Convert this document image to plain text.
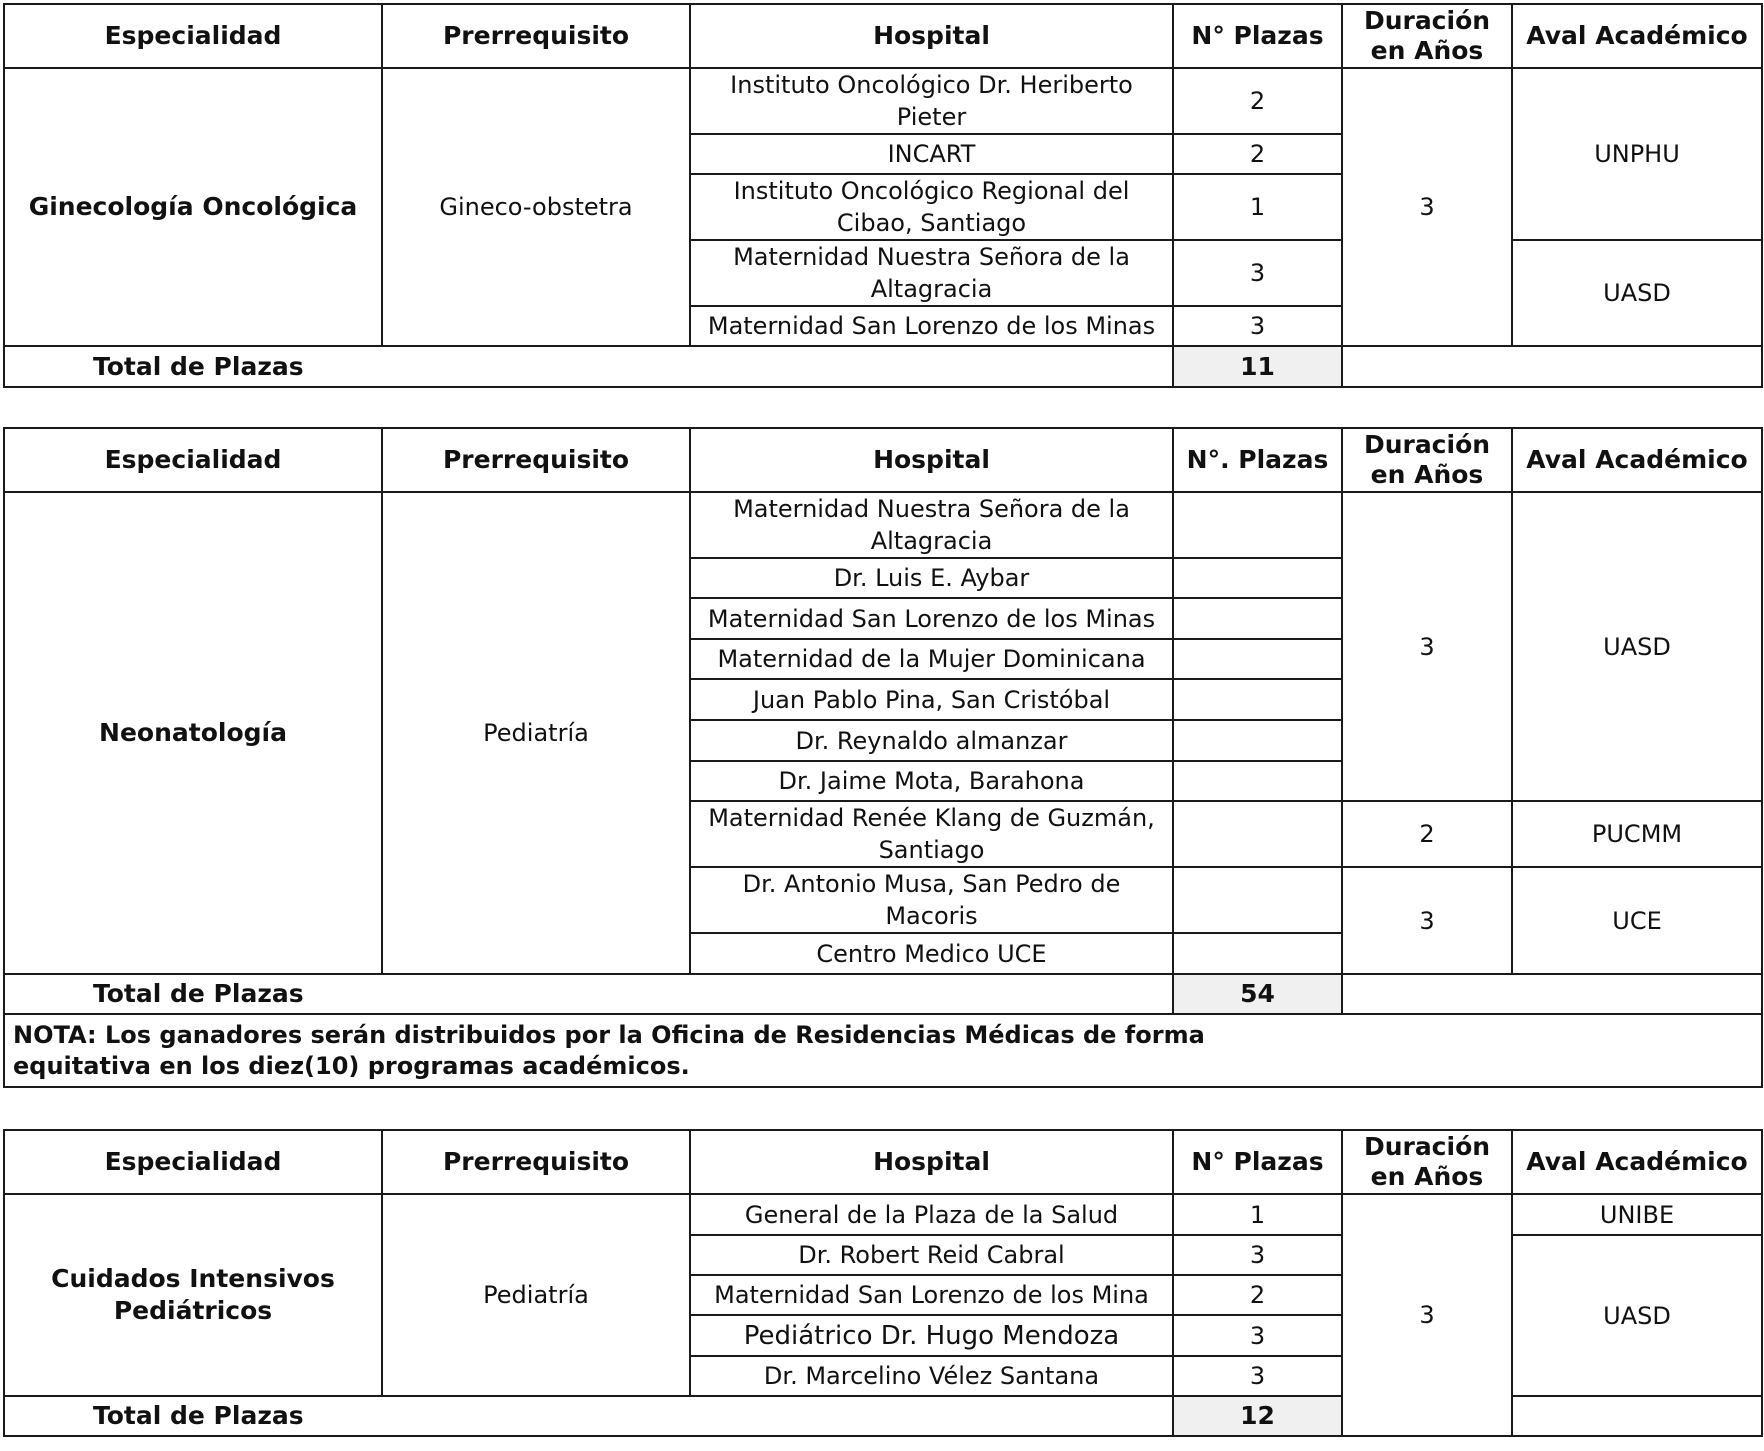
Especialidad	Prerrequisito	Hospital	N° Plazas	Duración en Años	Aval Académico
Ginecología Oncológica	Gineco-obstetra	Instituto Oncológico Dr. Heriberto Pieter	2	3	UNPHU
		INCART	2		
		Instituto Oncológico Regional del Cibao, Santiago	1		
		Maternidad Nuestra Señora de la Altagracia	3		UASD
		Maternidad San Lorenzo de los Minas	3		
Total de Plazas			11		
Especialidad	Prerrequisito	Hospital	N°. Plazas	Duración en Años	Aval Académico
Neonatología	Pediatría	Maternidad Nuestra Señora de la Altagracia		3	UASD
		Dr. Luis E. Aybar			
		Maternidad San Lorenzo de los Minas			
		Maternidad de la Mujer Dominicana			
		Juan Pablo Pina, San Cristóbal			
		Dr. Reynaldo almanzar			
		Dr. Jaime Mota, Barahona			
		Maternidad Renée Klang de Guzmán, Santiago		2	PUCMM
		Dr. Antonio Musa, San Pedro de Macoris		3	UCE
		Centro Medico UCE			
Total de Plazas			54		

NOTA: Los ganadores serán distribuidos por la Oficina de Residencias Médicas de forma equitativa en los diez(10) programas académicos.					
Especialidad	Prerrequisito	Hospital	N° Plazas	Duración en Años	Aval Académico
Cuidados Intensivos Pediátricos	Pediatría	General de la Plaza de la Salud	1	3	UNIBE
		Dr. Robert Reid Cabral	3		UASD
		Maternidad San Lorenzo de los Mina	2		
		Pediátrico Dr. Hugo Mendoza	3		
		Dr. Marcelino Vélez Santana	3		
Total de Plazas			12		
